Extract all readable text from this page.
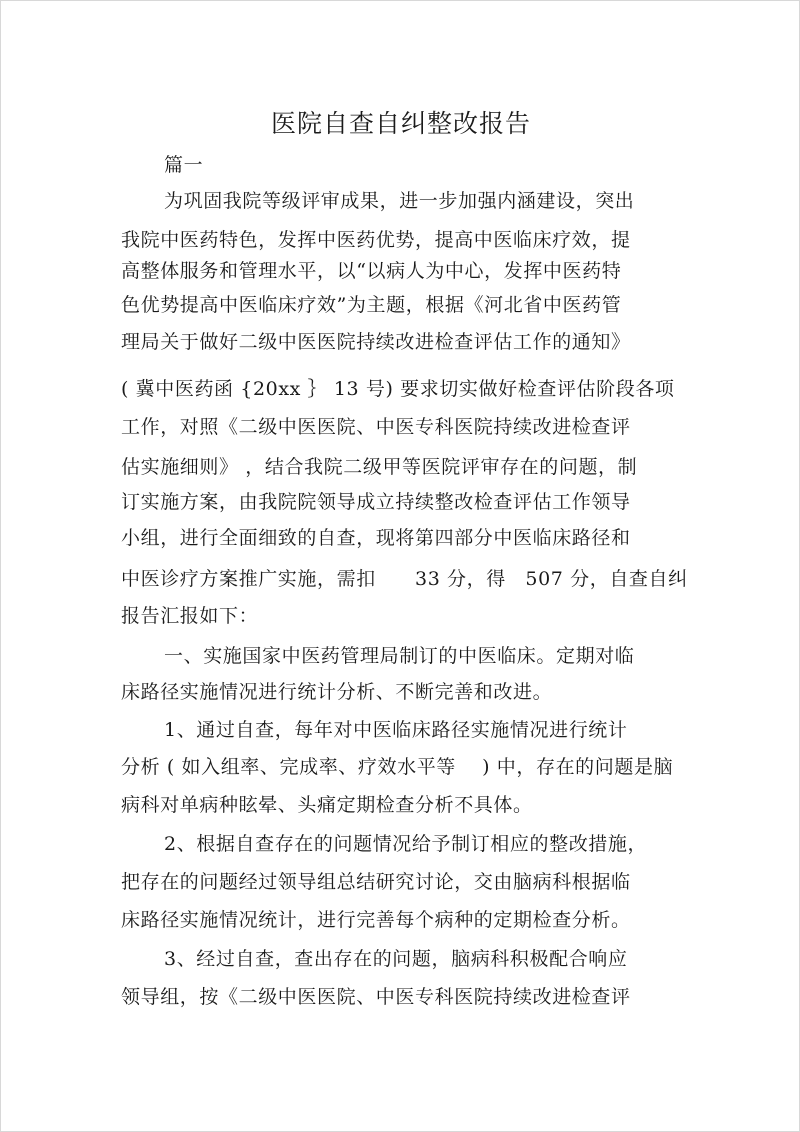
医院自查自纠整改报告
篇一
为巩固我院等级评审成果，进一步加强内涵建设，突出
我院中医药特色，发挥中医药优势，提高中医临床疗效，提
高整体服务和管理水平，以“以病人为中心，发挥中医药特
色优势提高中医临床疗效”为主题，根据《河北省中医药管
理局关于做好二级中医医院持续改进检查评估工作的通知》
( 冀中医药函 {20xx ｝ 13 号) 要求切实做好检查评估阶段各项
工作，对照《二级中医医院、中医专科医院持续改进检查评
估实施细则》 ，结合我院二级甲等医院评审存在的问题，制
订实施方案，由我院院领导成立持续整改检查评估工作领导
小组，进行全面细致的自查，现将第四部分中医临床路径和
中医诊疗方案推广实施，需扣　　33 分，得　507 分，自查自纠
报告汇报如下：
一、实施国家中医药管理局制订的中医临床。定期对临
床路径实施情况进行统计分析、不断完善和改进。
1、通过自查，每年对中医临床路径实施情况进行统计
分析 ( 如入组率、完成率、疗效水平等　 ) 中，存在的问题是脑
病科对单病种眩晕、头痛定期检查分析不具体。
2、根据自查存在的问题情况给予制订相应的整改措施，
把存在的问题经过领导组总结研究讨论，交由脑病科根据临
床路径实施情况统计，进行完善每个病种的定期检查分析。
3、经过自查，查出存在的问题，脑病科积极配合响应
领导组，按《二级中医医院、中医专科医院持续改进检查评
